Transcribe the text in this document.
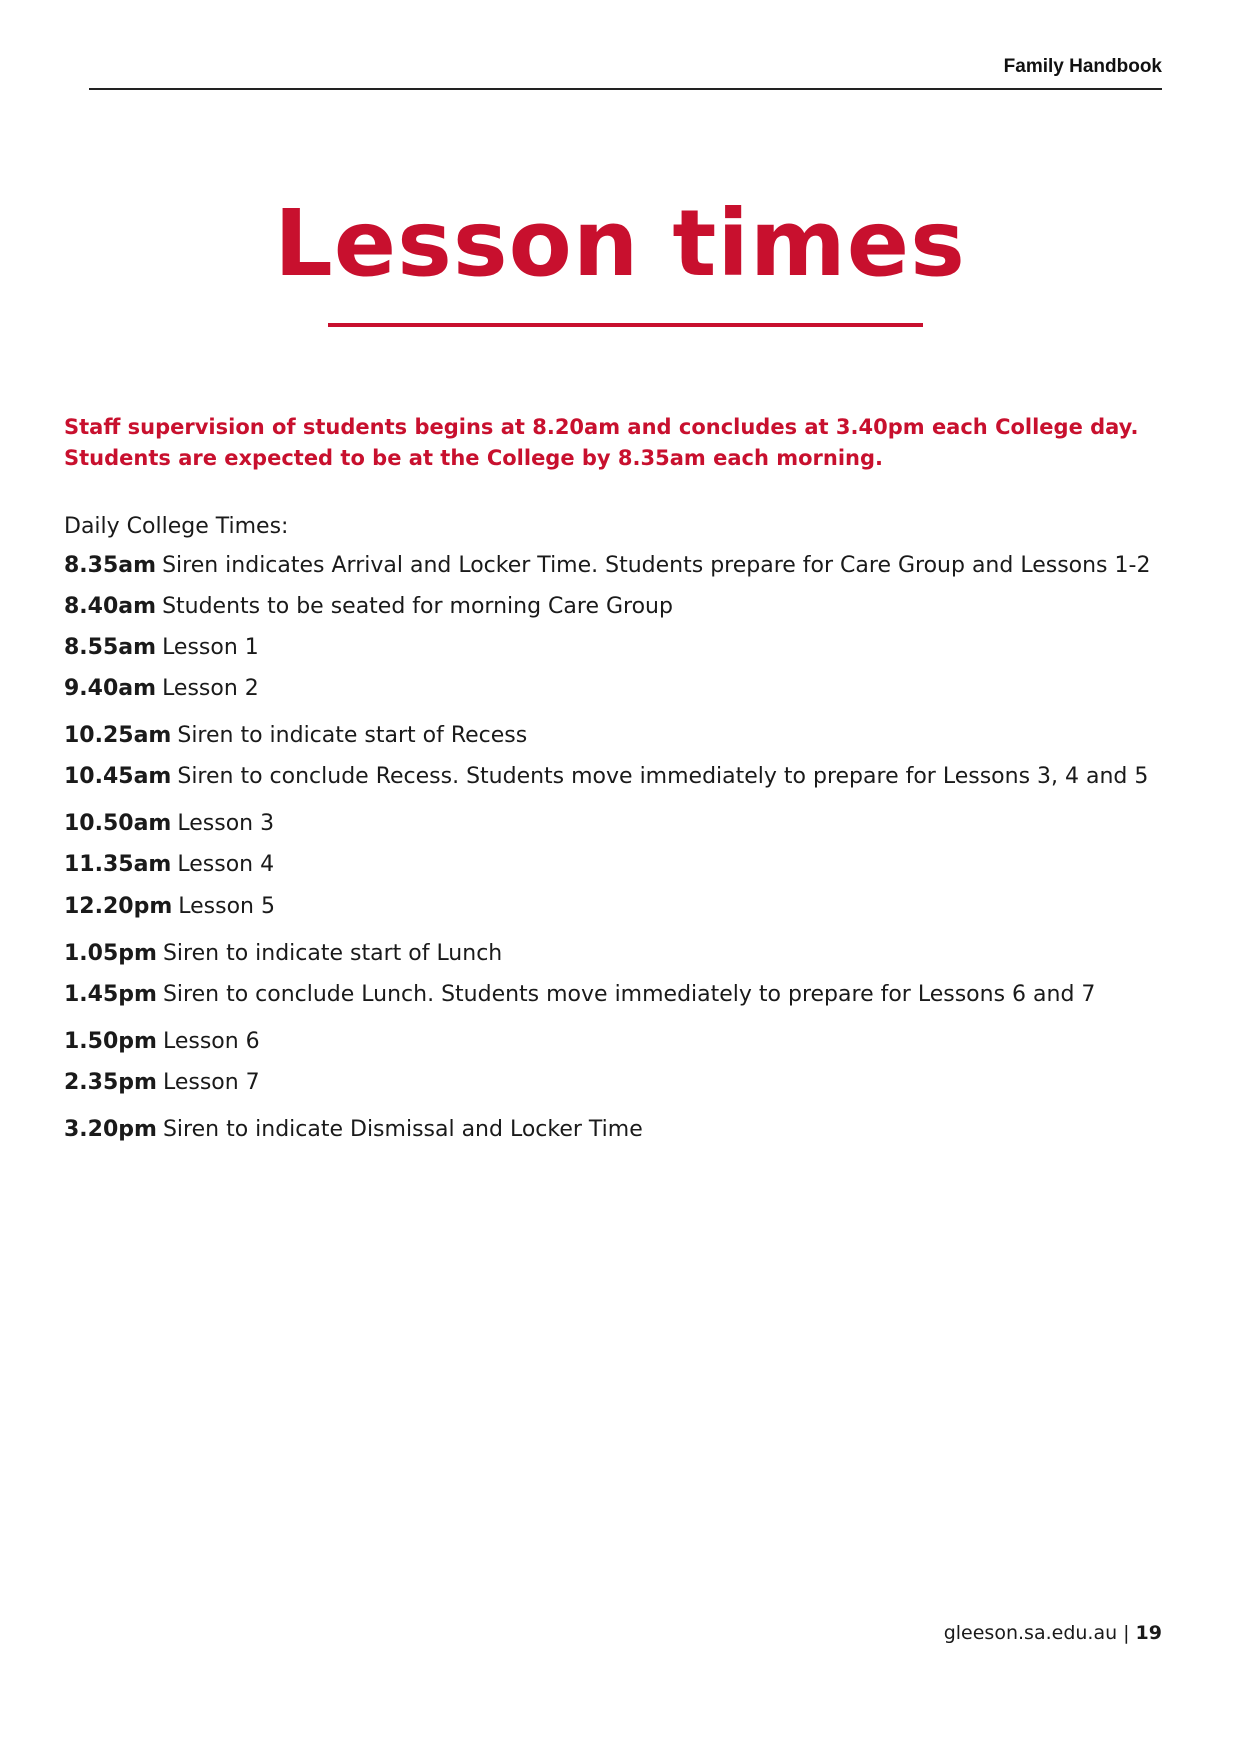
Family Handbook
Lesson times
Staff supervision of students begins at 8.20am and concludes at 3.40pm each College day.
Students are expected to be at the College by 8.35am each morning.
Daily College Times:
8.35am Siren indicates Arrival and Locker Time. Students prepare for Care Group and Lessons 1-2
8.40am Students to be seated for morning Care Group
8.55am Lesson 1
9.40am Lesson 2
10.25am Siren to indicate start of Recess
10.45am Siren to conclude Recess. Students move immediately to prepare for Lessons 3, 4 and 5
10.50am Lesson 3
11.35am Lesson 4
12.20pm Lesson 5
1.05pm Siren to indicate start of Lunch
1.45pm Siren to conclude Lunch. Students move immediately to prepare for Lessons 6 and 7
1.50pm Lesson 6
2.35pm Lesson 7
3.20pm Siren to indicate Dismissal and Locker Time
gleeson.sa.edu.au | 19
